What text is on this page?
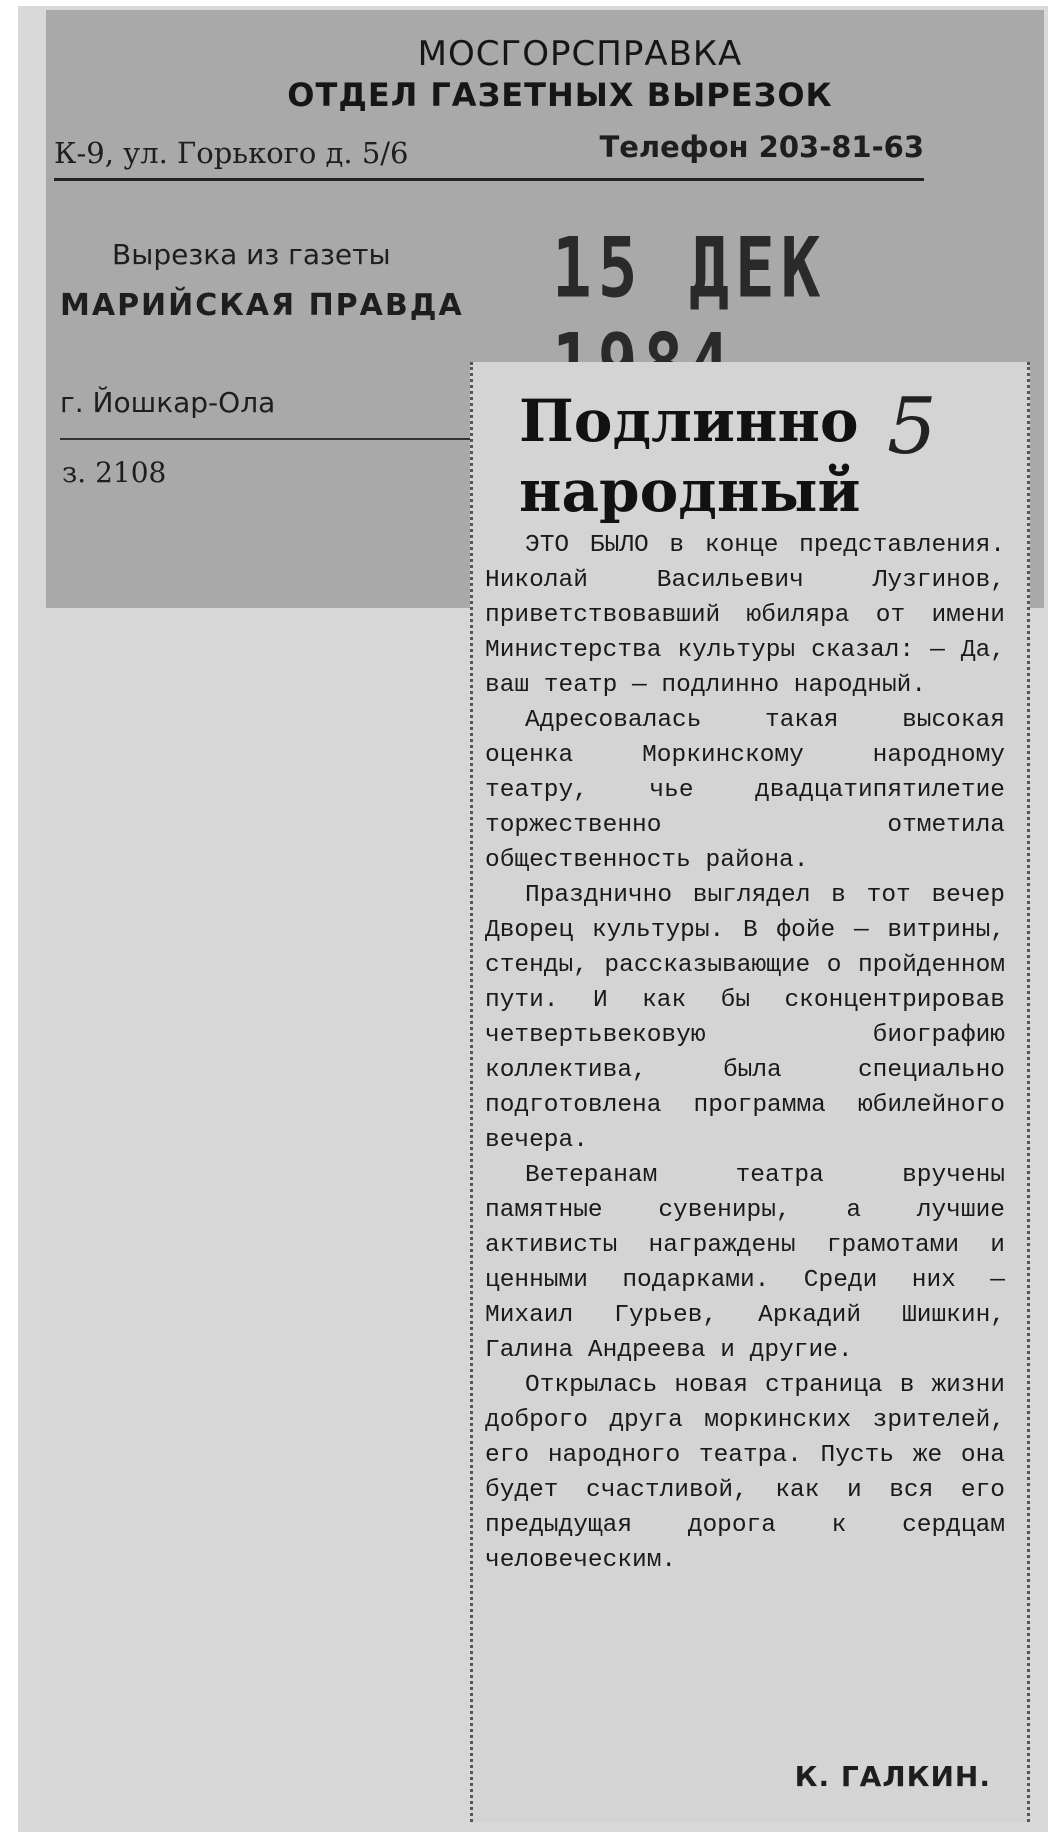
МОСГОРСПРАВКА
ОТДЕЛ ГАЗЕТНЫХ ВЫРЕЗОК
К-9, ул. Горького д. 5/6	Телефон 203-81-63
Вырезка из газеты
МАРИЙСКАЯ ПРАВДА 15 ДЕК
г. Йошкар-Ола
з. 2108
Подлинно
народный
5

ЭТО БЫЛО в конце представления. Николай Васильевич Лузгинов, приветствовавший юбиляра от имени Министерства культуры сказал: — Да, ваш театр — подлинно народный.

Адресовалась такая высокая оценка Моркинскому народному театру, чье двадцатипятилетие торжественно отметила общественность района.

Празднично выглядел в тот вечер Дворец культуры. В фойе — витрины, стенды, рассказывающие о пройденном пути. И как бы сконцентрировав четвертьвековую биографию коллектива, была специально подготовлена программа юбилейного вечера.

Ветеранам театра вручены памятные сувениры, а лучшие активисты награждены грамотами и ценными подарками. Среди них — Михаил Гурьев, Аркадий Шишкин, Галина Андреева и другие.

Открылась новая страница в жизни доброго друга моркинских зрителей, его народного театра. Пусть же она будет счастливой, как и вся его предыдущая дорога к сердцам человеческим.

К. ГАЛКИН.
